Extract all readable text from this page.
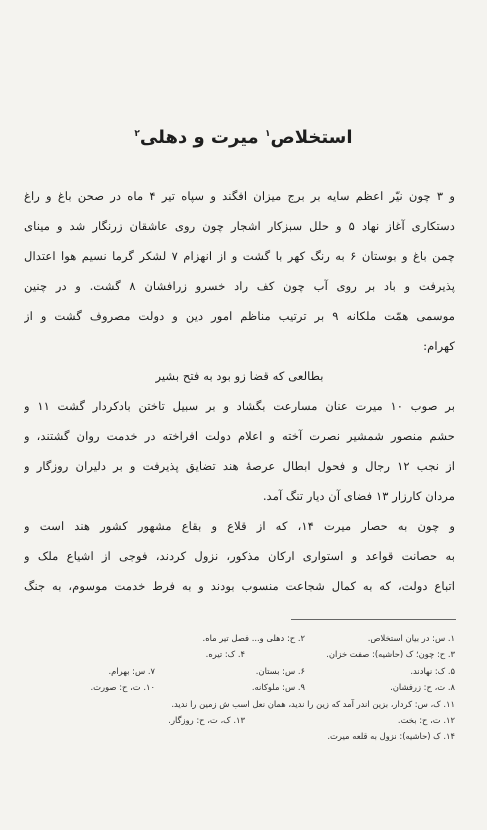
استخلاص$^۱$ میرت و دهلی$^۲$
و ۳ چون نیّر اعظم سایه بر برج میزان افگند و سپاه تیر ۴ ماه در صحن باغ و راغ
دستکاری آغاز نهاد ۵ و حلل سبزکار اشجار چون روی عاشقان زرنگار شد و مینای
چمن باغ و بوستان ۶ به رنگ کهر با گشت و از انهزام ۷ لشکر گرما نسیم هوا اعتدال
پذیرفت و باد بر روی آب چون کف راد خسرو زرافشان ۸ گشت. و در چنین
موسمی همّت ملکانه ۹ بر ترتیب مناظم امور دین و دولت مصروف گشت و از
کهرام:
بطالعی که قضا زو بود به فتح بشیر
بر صوب ۱۰ میرت عنان مسارعت بگشاد و بر سبیل تاختن بادکردار گشت ۱۱ و
حشم منصور شمشیر نصرت آخته و اعلام دولت افراخته در خدمت روان گشتند، و
از نجب ۱۲ رجال و فحول ابطال عرصهٔ هند تضایق پذیرفت و بر دلیران روزگار و
مردان کارزار ۱۳ فضای آن دیار تنگ آمد.
و چون به حصار میرت ۱۴، که از قلاع و بقاع مشهور کشور هند است و
به حصانت قواعد و استواری ارکان مذکور، نزول کردند، فوجی از اشیاع ملک و
اتباع دولت، که به کمال شجاعت منسوب بودند و به فرط خدمت موسوم، به جنگ
۱. س: در بیان استخلاص.
۲. ح: دهلی و... فصل تیر ماه.
۳. ح: چون؛ ک (حاشیه): صفت خزان.
۴. ک: تیره.
۵. ک: نهادند.
۶. س: بستان.
۷. س: بهرام.
۸. ت، ح: زرفشان.
۹. س: ملوکانه.
۱۰. ت، ح: صورت.
۱۱. ک، س: کردار، بزین اندر آمد که زین را ندید، همان نعل اسب ش زمین را ندید.
۱۲. ت، ح: بخت.
۱۳. ک، ت، ح: روزگار.
۱۴. ک (حاشیه): نزول به قلعه میرت.
